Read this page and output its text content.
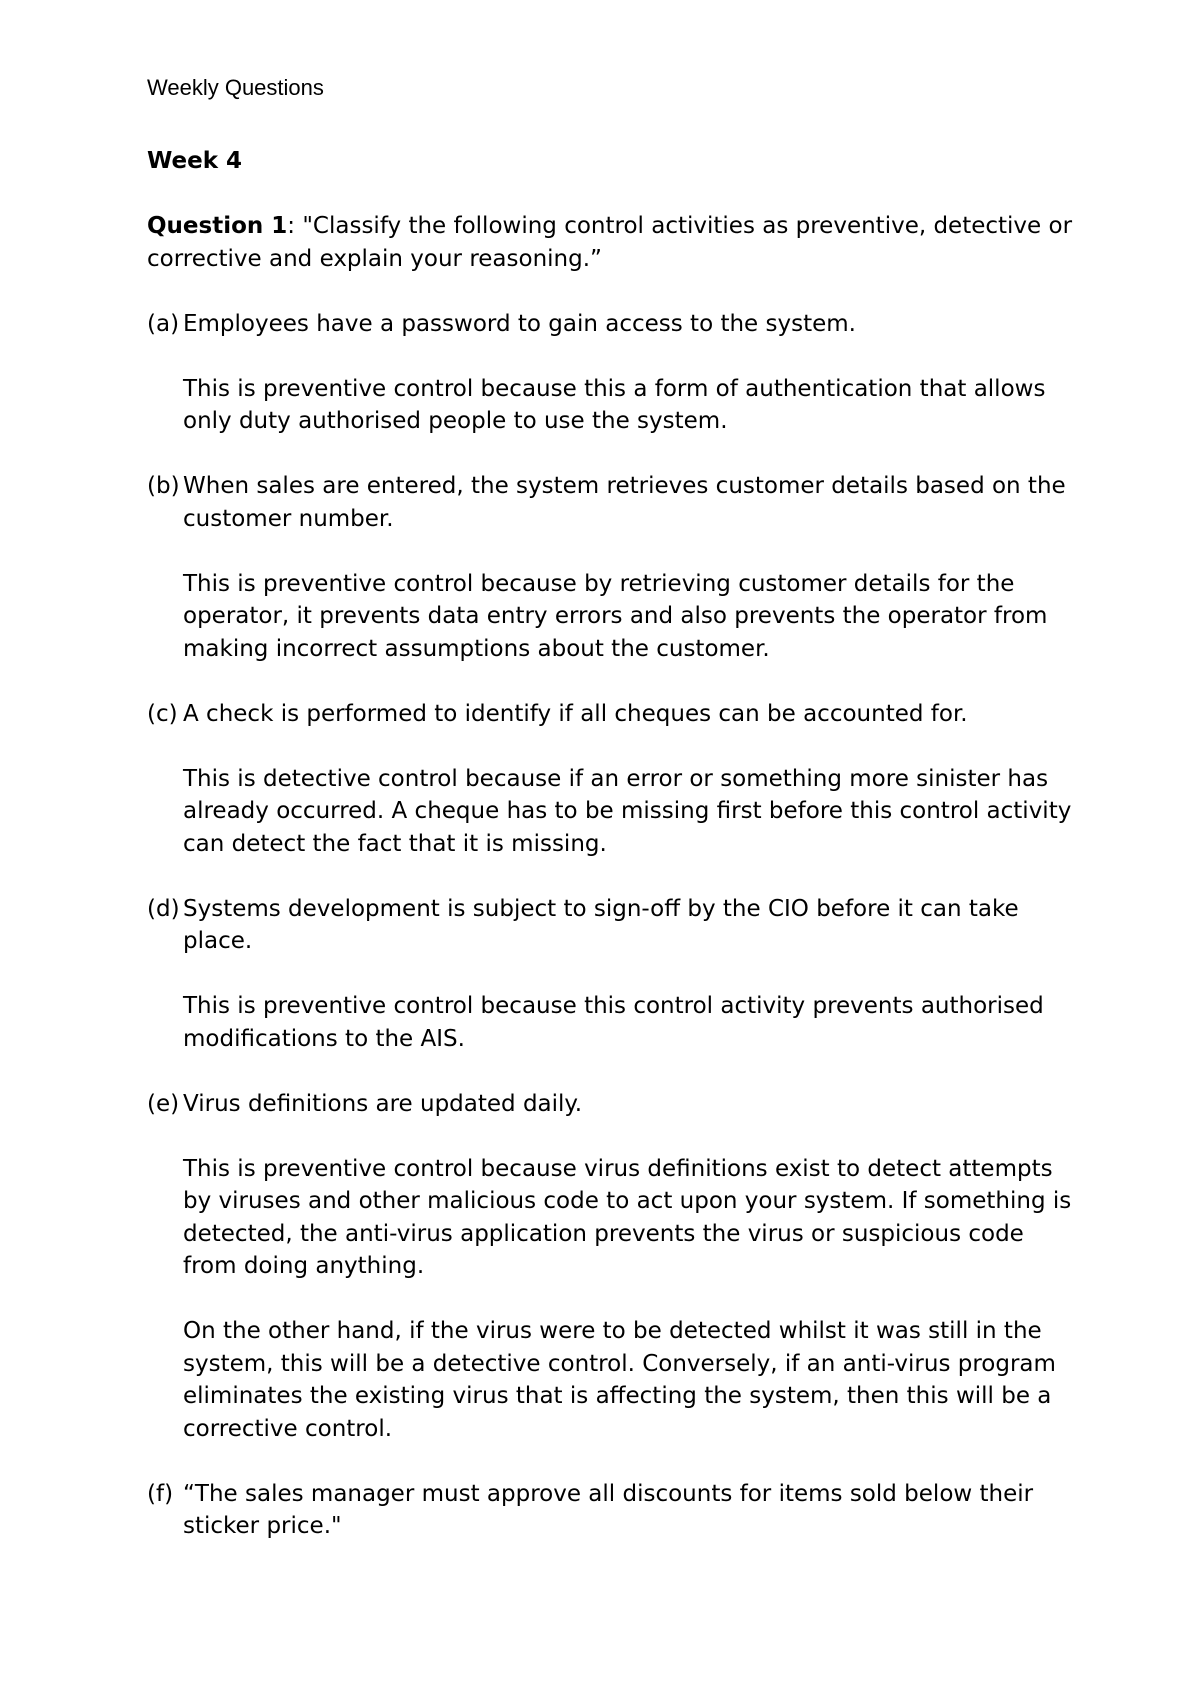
Weekly Questions

Week 4

Question 1: "Classify the following control activities as preventive, detective or corrective and explain your reasoning.”

(a) Employees have a password to gain access to the system.

This is preventive control because this a form of authentication that allows only duty authorised people to use the system.

(b) When sales are entered, the system retrieves customer details based on the customer number.

This is preventive control because by retrieving customer details for the operator, it prevents data entry errors and also prevents the operator from making incorrect assumptions about the customer.

(c) A check is performed to identify if all cheques can be accounted for.

This is detective control because if an error or something more sinister has already occurred. A cheque has to be missing first before this control activity can detect the fact that it is missing.

(d) Systems development is subject to sign-off by the CIO before it can take place.

This is preventive control because this control activity prevents authorised modifications to the AIS.

(e) Virus definitions are updated daily.

This is preventive control because virus definitions exist to detect attempts by viruses and other malicious code to act upon your system. If something is detected, the anti-virus application prevents the virus or suspicious code from doing anything.

On the other hand, if the virus were to be detected whilst it was still in the system, this will be a detective control. Conversely, if an anti-virus program eliminates the existing virus that is affecting the system, then this will be a corrective control.

(f) “The sales manager must approve all discounts for items sold below their sticker price."
